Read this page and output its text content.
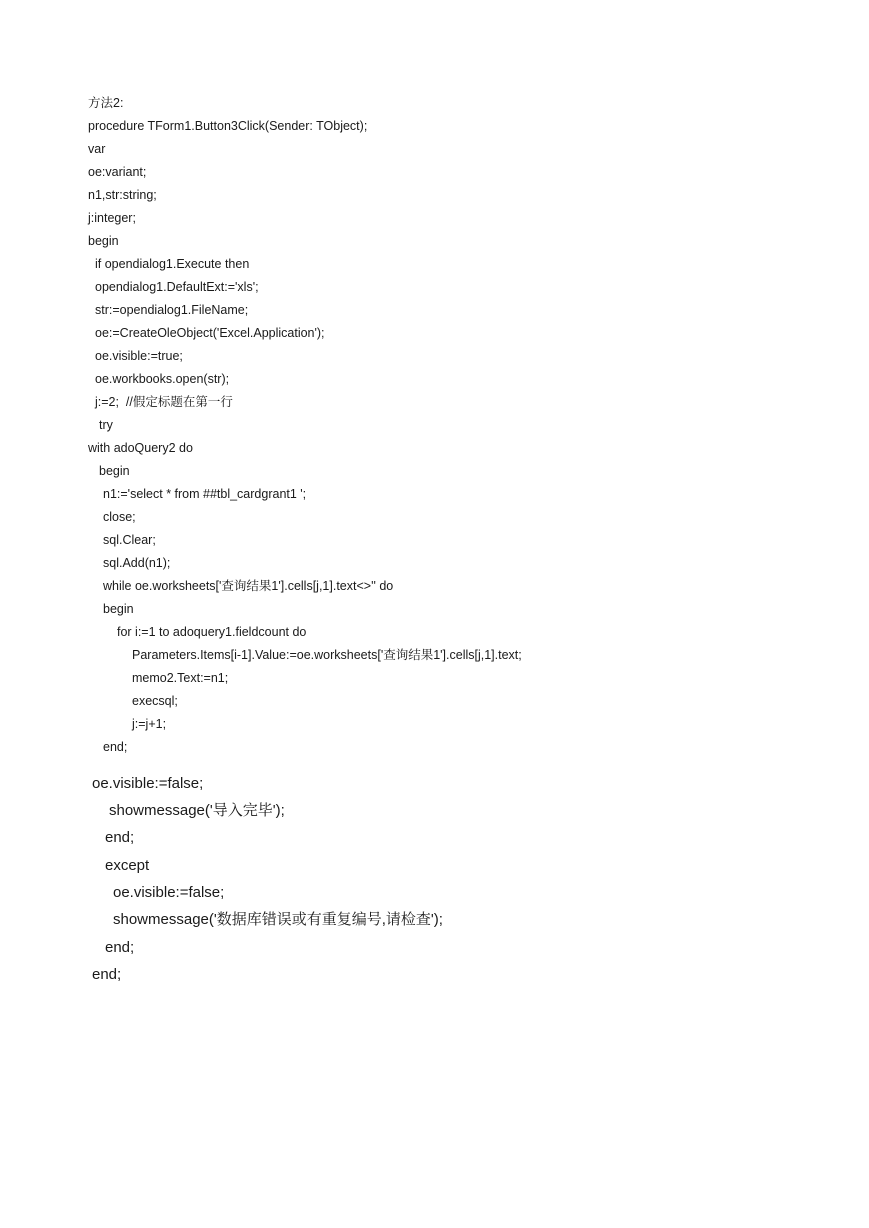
方法2:
procedure TForm1.Button3Click(Sender: TObject);
var
oe:variant;
n1,str:string;
j:integer;
begin
if opendialog1.Execute then
opendialog1.DefaultExt:='xls';
str:=opendialog1.FileName;
oe:=CreateOleObject('Excel.Application');
oe.visible:=true;
oe.workbooks.open(str);
j:=2;  //假定标题在第一行
try
with adoQuery2 do
begin
n1:='select * from ##tbl_cardgrant1 ';
close;
sql.Clear;
sql.Add(n1);
while oe.worksheets['查询结果1'].cells[j,1].text<>'' do
begin
for i:=1 to adoquery1.fieldcount do
Parameters.Items[i-1].Value:=oe.worksheets['查询结果1'].cells[j,1].text;
memo2.Text:=n1;
execsql;
j:=j+1;
end;
oe.visible:=false;
showmessage('导入完毕');
end;
except
oe.visible:=false;
showmessage('数据库错误或有重复编号,请检查');
end;
end;
